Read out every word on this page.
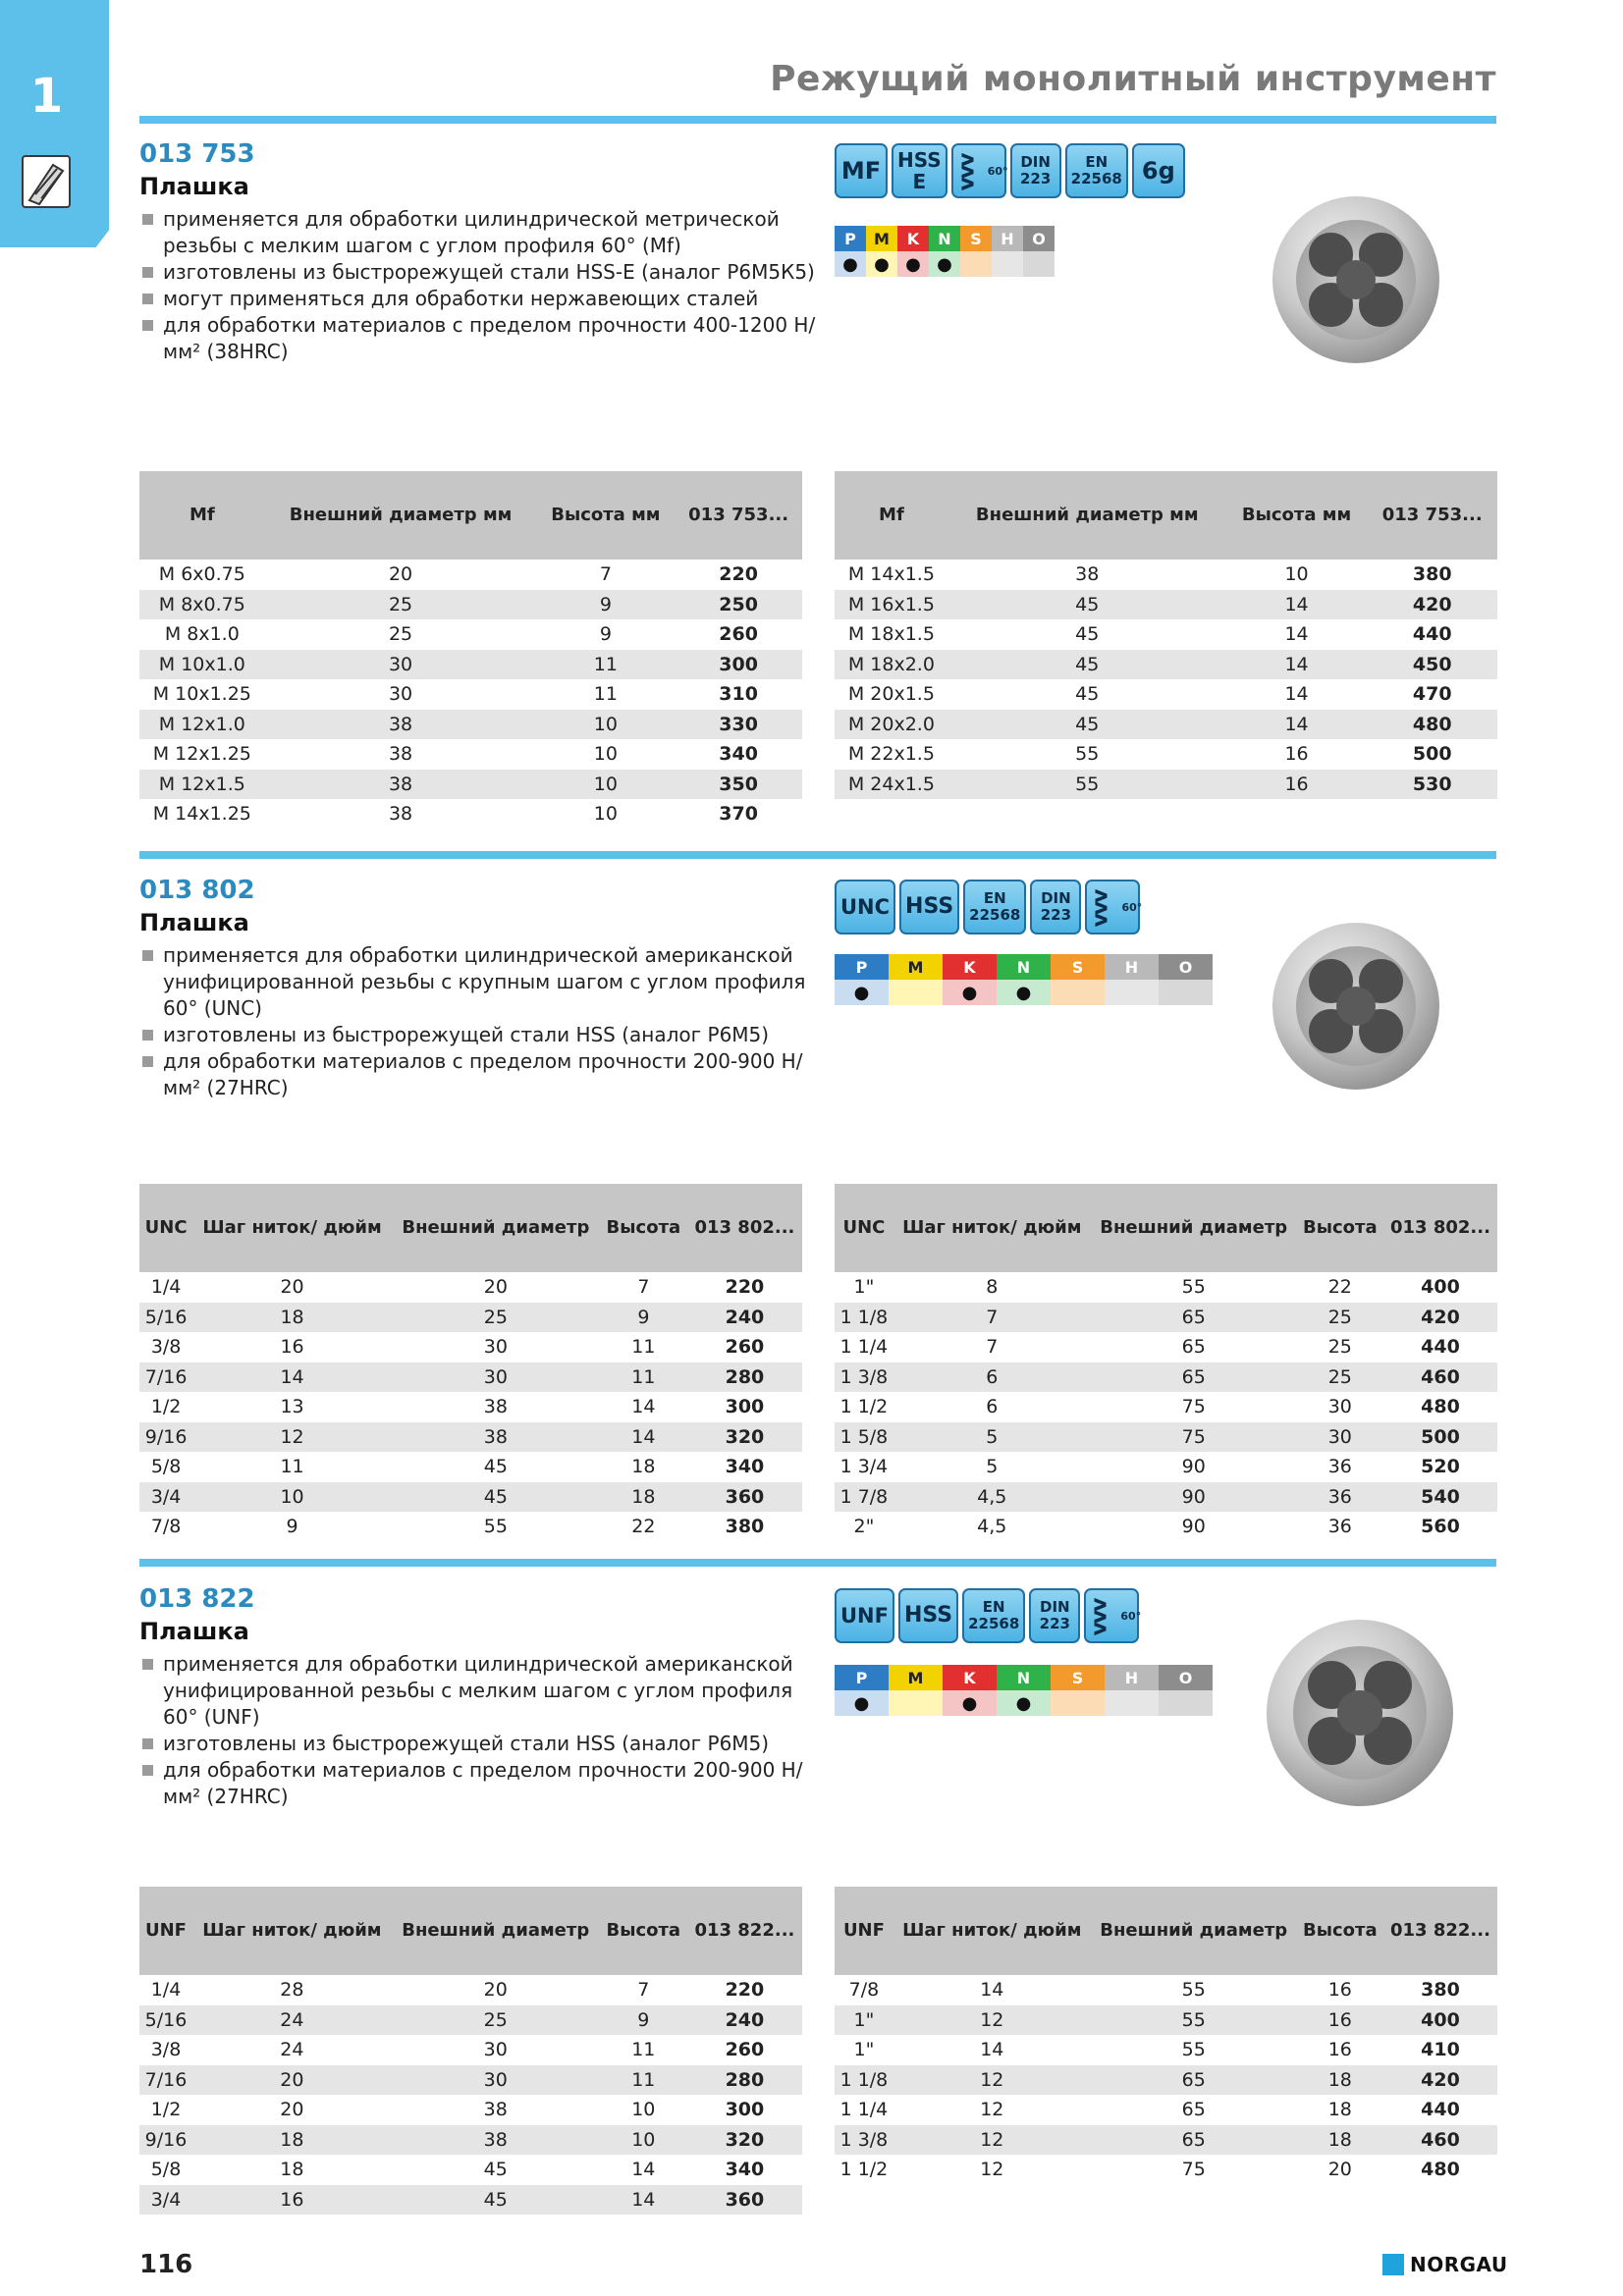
1	Режущий монолитный инструмент
013 753
Плашка
применяется для обработки цилиндрической метрической резьбы с мелким шагом с углом профиля 60° (Mf)
изготовлены из быстрорежущей стали HSS-E (аналог Р6М5К5)
могут применяться для обработки нержавеющих сталей
для обработки материалов с пределом прочности 400-1200 Н/мм² (38HRC)
MF HSS
E ʌʌʌ 60° DIN
223
EN
22568 6g
P	M	K	N	S	H	O
● ● ● ●
Mf	Внешний диаметр мм	Высота мм	013 753...
M 6x0.75	20	7	220
M 8x0.75	25	9	250
M 8x1.0	25	9	260
M 10x1.0	30	11	300
M 10x1.25	30	11	310
M 12x1.0	38	10	330
M 12x1.25	38	10	340
M 12x1.5	38	10	350
M 14x1.25	38	10	370
Mf	Внешний диаметр мм	Высота мм	013 753...
M 14x1.5	38	10	380
M 16x1.5	45	14	420
M 18x1.5	45	14	440
M 18x2.0	45	14	450
M 20x1.5	45	14	470
M 20x2.0	45	14	480
M 22x1.5	55	16	500
M 24x1.5	55	16	530
013 802
Плашка
применяется для обработки цилиндрической американской унифицированной резьбы с крупным шагом с углом профиля 60° (UNC)
изготовлены из быстрорежущей стали HSS (аналог Р6М5)
для обработки материалов с пределом прочности 200-900 Н/мм² (27HRC)
UNC HSS EN
22568
DIN
223 ʌʌʌ 60°
P	M	K	N	S	H	O
●	●	●
UNC	Шаг ниток/ дюйм	Внешний диаметр	Высота	013 802...
1/4	20	20	7	220
5/16	18	25	9	240
3/8	16	30	11	260
7/16	14	30	11	280
1/2	13	38	14	300
9/16	12	38	14	320
5/8	11	45	18	340
3/4	10	45	18	360
7/8	9	55	22	380
UNC	Шаг ниток/ дюйм	Внешний диаметр	Высота	013 802...
1"	8	55	22	400
1 1/8	7	65	25	420
1 1/4	7	65	25	440
1 3/8	6	65	25	460
1 1/2	6	75	30	480
1 5/8	5	75	30	500
1 3/4	5	90	36	520
1 7/8	4,5	90	36	540
2"	4,5	90	36	560
013 822
Плашка
применяется для обработки цилиндрической американской унифицированной резьбы с мелким шагом с углом профиля 60° (UNF)
изготовлены из быстрорежущей стали HSS (аналог Р6М5)
для обработки материалов с пределом прочности 200-900 Н/мм² (27HRC)
UNF HSS EN
22568
DIN
223 ʌʌʌ 60°
P	M	K	N	S	H	O
●	●	●
UNF	Шаг ниток/ дюйм	Внешний диаметр	Высота	013 822...
1/4	28	20	7	220
5/16	24	25	9	240
3/8	24	30	11	260
7/16	20	30	11	280
1/2	20	38	10	300
9/16	18	38	10	320
5/8	18	45	14	340
3/4	16	45	14	360
UNF	Шаг ниток/ дюйм	Внешний диаметр	Высота	013 822...
7/8	14	55	16	380
1"	12	55	16	400
1"	14	55	16	410
1 1/8	12	65	18	420
1 1/4	12	65	18	440
1 3/8	12	65	18	460
1 1/2	12	75	20	480
116	NORGAU
